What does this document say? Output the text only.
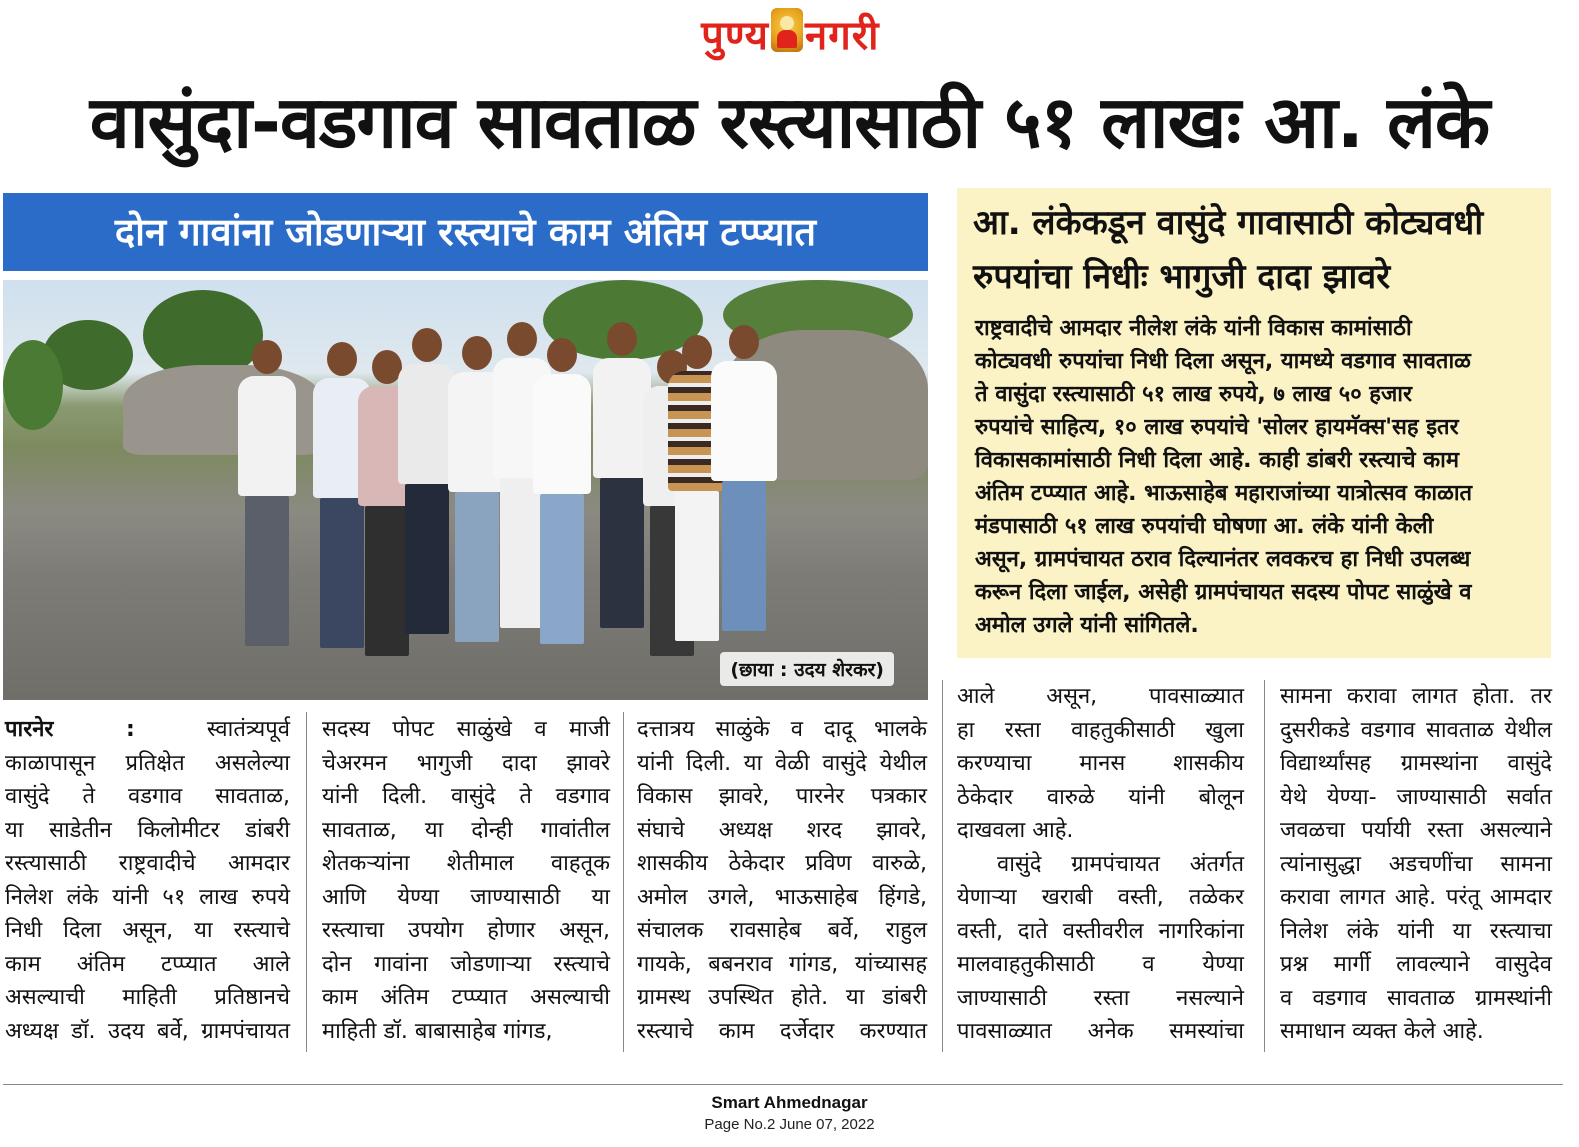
पुण्य नगरी
वासुंदा-वडगाव सावताळ रस्त्यासाठी ५१ लाखः आ. लंके
दोन गावांना जोडणाऱ्या रस्त्याचे काम अंतिम टप्प्यात
(छाया : उदय शेरकर)
आ. लंकेकडून वासुंदे गावासाठी कोट्यवधी
रुपयांचा निधीः भागुजी दादा झावरे
राष्ट्रवादीचे आमदार नीलेश लंके यांनी विकास कामांसाठी
कोट्यवधी रुपयांचा निधी दिला असून, यामध्ये वडगाव सावताळ
ते वासुंदा रस्त्यासाठी ५१ लाख रुपये, ७ लाख ५० हजार
रुपयांचे साहित्य, १० लाख रुपयांचे 'सोलर हायमॅक्स'सह इतर
विकासकामांसाठी निधी दिला आहे. काही डांबरी रस्त्याचे काम
अंतिम टप्प्यात आहे. भाऊसाहेब महाराजांच्या यात्रोत्सव काळात
मंडपासाठी ५१ लाख रुपयांची घोषणा आ. लंके यांनी केली
असून, ग्रामपंचायत ठराव दिल्यानंतर लवकरच हा निधी उपलब्ध
करून दिला जाईल, असेही ग्रामपंचायत सदस्य पोपट साळुंखे व
अमोल उगले यांनी सांगितले.
पारनेर :	स्वातंत्र्यपूर्व
काळापासून प्रतिक्षेत असलेल्या
वासुंदे ते वडगाव सावताळ,
या साडेतीन किलोमीटर डांबरी
रस्त्यासाठी राष्ट्रवादीचे आमदार
निलेश लंके यांनी ५१ लाख रुपये
निधी दिला असून, या रस्त्याचे
काम अंतिम टप्प्यात आले
असल्याची माहिती प्रतिष्ठानचे
अध्यक्ष डॉ. उदय बर्वे, ग्रामपंचायत
सदस्य पोपट साळुंखे व माजी
चेअरमन भागुजी दादा झावरे
यांनी दिली. वासुंदे ते वडगाव
सावताळ, या दोन्ही गावांतील
शेतकऱ्यांना शेतीमाल वाहतूक
आणि येण्या जाण्यासाठी या
रस्त्याचा उपयोग होणार असून,
दोन गावांना जोडणाऱ्या रस्त्याचे
काम अंतिम टप्प्यात असल्याची
माहिती डॉ. बाबासाहेब गांगड,
दत्तात्रय साळुंके व दादू भालके
यांनी दिली. या वेळी वासुंदे येथील
विकास झावरे, पारनेर पत्रकार
संघाचे अध्यक्ष शरद झावरे,
शासकीय ठेकेदार प्रविण वारुळे,
अमोल उगले, भाऊसाहेब हिंगडे,
संचालक रावसाहेब बर्वे, राहुल
गायके, बबनराव गांगड, यांच्यासह
ग्रामस्थ उपस्थित होते. या डांबरी
रस्त्याचे काम दर्जेदार करण्यात
आले असून, पावसाळ्यात
हा रस्ता वाहतुकीसाठी खुला
करण्याचा मानस शासकीय
ठेकेदार वारुळे यांनी बोलून
दाखवला आहे.
वासुंदे ग्रामपंचायत अंतर्गत
येणाऱ्या खराबी वस्ती, तळेकर
वस्ती, दाते वस्तीवरील नागरिकांना
मालवाहतुकीसाठी व येण्या
जाण्यासाठी रस्ता नसल्याने
पावसाळ्यात अनेक समस्यांचा
सामना करावा लागत होता. तर
दुसरीकडे वडगाव सावताळ येथील
विद्यार्थ्यांसह ग्रामस्थांना वासुंदे
येथे येण्या- जाण्यासाठी सर्वात
जवळचा पर्यायी रस्ता असल्याने
त्यांनासुद्धा अडचणींचा सामना
करावा लागत आहे. परंतू आमदार
निलेश लंके यांनी या रस्त्याचा
प्रश्न मार्गी लावल्याने वासुदेव
व वडगाव सावताळ ग्रामस्थांनी
समाधान व्यक्त केले आहे.
Smart Ahmednagar
Page No.2 June 07, 2022
